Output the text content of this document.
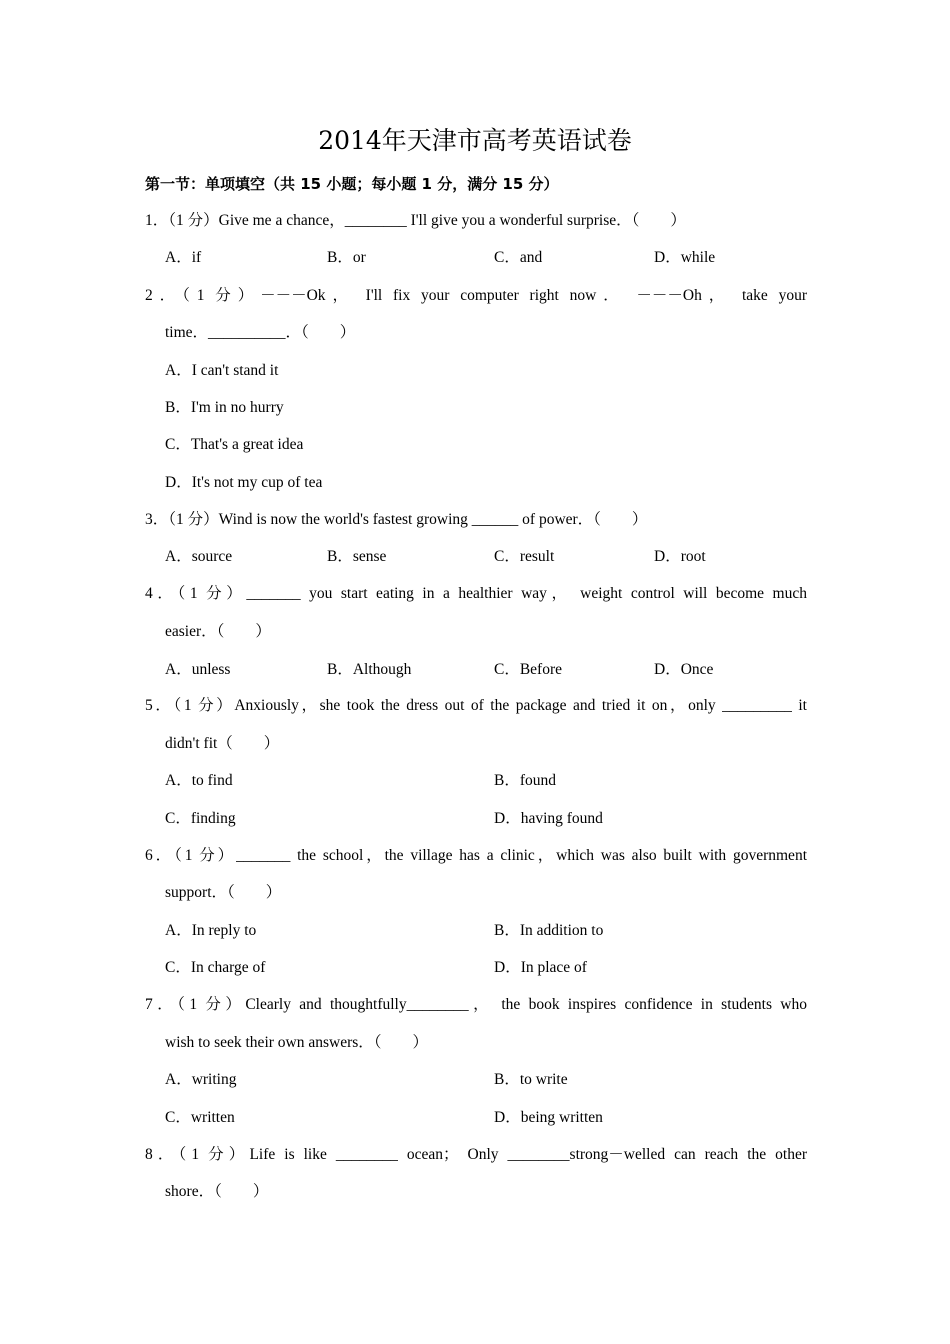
2014年天津市高考英语试卷
第一节：单项填空（共 15 小题；每小题 1 分，满分 15 分）
1．（1 分）Give me a chance，________ I'll give you a wonderful surprise．（　　）
A．if	B．or	C．and	D．while
2．（1 分）－－－Ok， I'll fix your computer right now． －－－Oh， take your
time．__________．（　　）
A．I can't stand it
B．I'm in no hurry
C．That's a great idea
D．It's not my cup of tea
3．（1 分）Wind is now the world's fastest growing ______ of power．（　　）
A．source	B．sense	C．result	D．root
4．（1 分）_______ you start eating in a healthier way， weight control will become much
easier．（　　）
A．unless	B．Although	C．Before	D．Once
5．（1 分）Anxiously，she took the dress out of the package and tried it on，only _________ it
didn't fit（　　）
A．to find	B．found
C．finding	D．having found
6．（1 分）_______ the school，the village has a clinic，which was also built with government
support．（　　）
A．In reply to	B．In addition to
C．In charge of	D．In place of
7．（1 分）Clearly and thoughtfully________， the book inspires confidence in students who
wish to seek their own answers．（　　）
A．writing	B．to write
C．written	D．being written
8．（1 分）Life is like ________ ocean； Only ________strong－welled can reach the other
shore．（　　）
